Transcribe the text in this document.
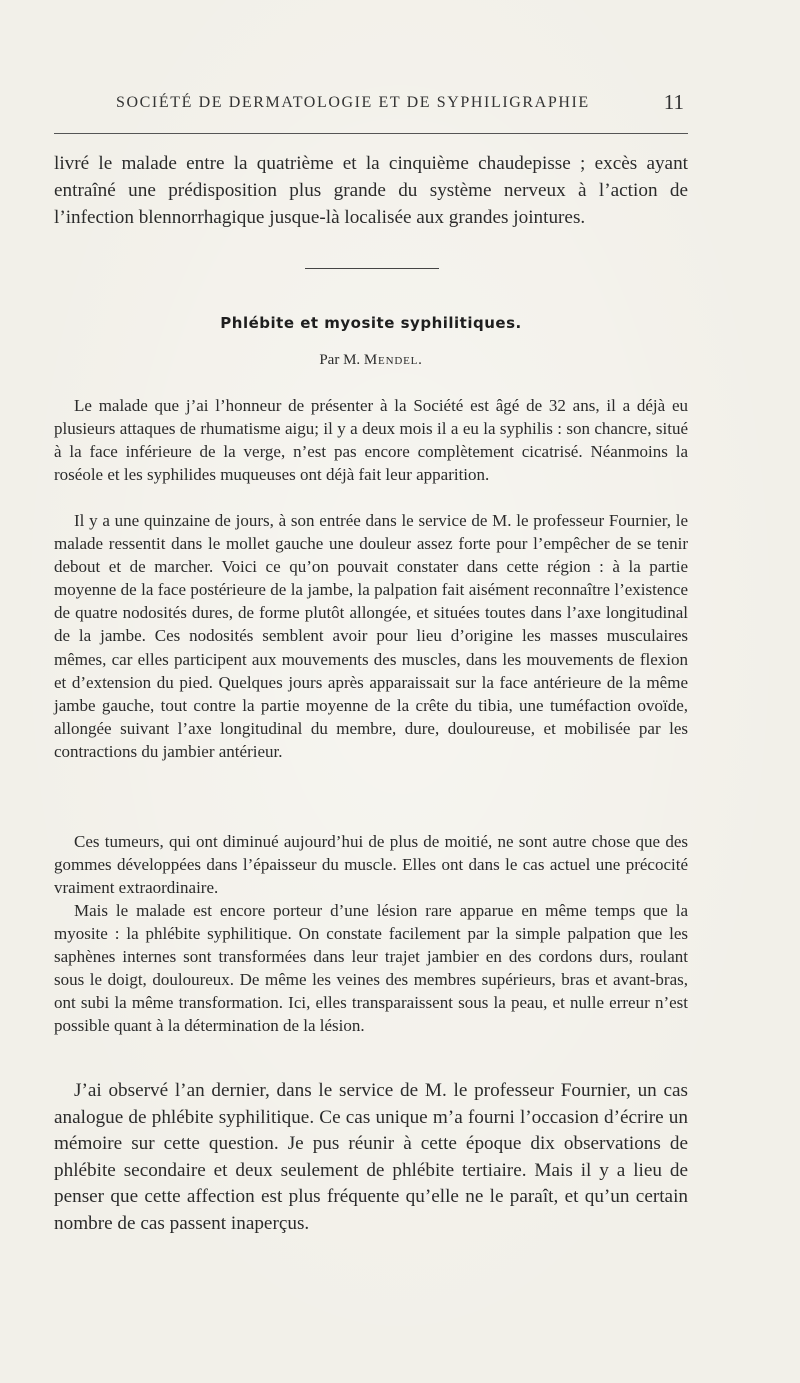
SOCIÉTÉ DE DERMATOLOGIE ET DE SYPHILIGRAPHIE	11

livré le malade entre la quatrième et la cinquième chaudepisse ; excès ayant entraîné une prédisposition plus grande du système nerveux à l’action de l’infection blennorrhagique jusque-là localisée aux grandes jointures.

Phlébite et myosite syphilitiques.
Par M. Mendel.

Le malade que j’ai l’honneur de présenter à la Société est âgé de 32 ans, il a déjà eu plusieurs attaques de rhumatisme aigu; il y a deux mois il a eu la syphilis : son chancre, situé à la face inférieure de la verge, n’est pas encore complètement cicatrisé. Néanmoins la roséole et les syphilides muqueuses ont déjà fait leur apparition.

Il y a une quinzaine de jours, à son entrée dans le service de M. le professeur Fournier, le malade ressentit dans le mollet gauche une douleur assez forte pour l’empêcher de se tenir debout et de marcher. Voici ce qu’on pouvait constater dans cette région : à la partie moyenne de la face postérieure de la jambe, la palpation fait aisément reconnaître l’existence de quatre nodosités dures, de forme plutôt allongée, et situées toutes dans l’axe longitudinal de la jambe. Ces nodosités semblent avoir pour lieu d’origine les masses musculaires mêmes, car elles participent aux mouvements des muscles, dans les mouvements de flexion et d’extension du pied. Quelques jours après apparaissait sur la face antérieure de la même jambe gauche, tout contre la partie moyenne de la crête du tibia, une tuméfaction ovoïde, allongée suivant l’axe longitudinal du membre, dure, douloureuse, et mobilisée par les contractions du jambier antérieur.

Ces tumeurs, qui ont diminué aujourd’hui de plus de moitié, ne sont autre chose que des gommes développées dans l’épaisseur du muscle. Elles ont dans le cas actuel une précocité vraiment extraordinaire.

Mais le malade est encore porteur d’une lésion rare apparue en même temps que la myosite : la phlébite syphilitique. On constate facilement par la simple palpation que les saphènes internes sont transformées dans leur trajet jambier en des cordons durs, roulant sous le doigt, douloureux. De même les veines des membres supérieurs, bras et avant-bras, ont subi la même transformation. Ici, elles transparaissent sous la peau, et nulle erreur n’est possible quant à la détermination de la lésion.

J’ai observé l’an dernier, dans le service de M. le professeur Fournier, un cas analogue de phlébite syphilitique. Ce cas unique m’a fourni l’occasion d’écrire un mémoire sur cette question. Je pus réunir à cette époque dix observations de phlébite secondaire et deux seulement de phlébite tertiaire. Mais il y a lieu de penser que cette affection est plus fréquente qu’elle ne le paraît, et qu’un certain nombre de cas passent inaperçus.
